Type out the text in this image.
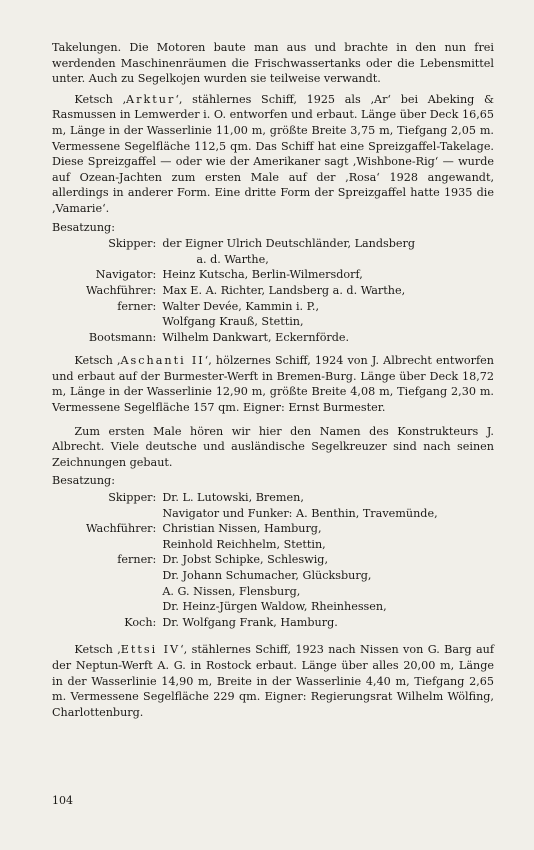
Takelungen. Die Motoren baute man aus und brachte in den nun frei werdenden Maschinenräumen die Frischwassertanks oder die Lebensmittel unter. Auch zu Segelkojen wurden sie teilweise verwandt.

Ketsch ‚Arktur‘, stählernes Schiff, 1925 als ‚Ar‘ bei Abeking & Rasmussen in Lemwerder i. O. entworfen und erbaut. Länge über Deck 16,65 m, Länge in der Wasserlinie 11,00 m, größte Breite 3,75 m, Tiefgang 2,05 m. Vermessene Segelfläche 112,5 qm. Das Schiff hat eine Spreizgaffel-Takelage. Diese Spreizgaffel — oder wie der Amerikaner sagt ‚Wishbone-Rig‘ — wurde auf Ozean-Jachten zum ersten Male auf der ‚Rosa‘ 1928 angewandt, allerdings in anderer Form. Eine dritte Form der Spreizgaffel hatte 1935 die ‚Vamarie‘.

Besatzung:

Skipper:	der Eigner Ulrich Deutschländer, Landsberg
	a. d. Warthe,
Navigator:	Heinz Kutscha, Berlin-Wilmersdorf,
Wachführer:	Max E. A. Richter, Landsberg a. d. Warthe,
ferner:	Walter Devée, Kammin i. P.,
	Wolfgang Krauß, Stettin,
Bootsmann:	Wilhelm Dankwart, Eckernförde.

Ketsch ‚Aschanti II‘, hölzernes Schiff, 1924 von J. Albrecht entworfen und erbaut auf der Burmester-Werft in Bremen-Burg. Länge über Deck 18,72 m, Länge in der Wasserlinie 12,90 m, größte Breite 4,08 m, Tiefgang 2,30 m. Vermessene Segelfläche 157 qm. Eigner: Ernst Burmester.

Zum ersten Male hören wir hier den Namen des Konstrukteurs J. Albrecht. Viele deutsche und ausländische Segelkreuzer sind nach seinen Zeichnungen gebaut.

Besatzung:

Skipper:	Dr. L. Lutowski, Bremen,
	Navigator und Funker: A. Benthin, Travemünde,
Wachführer:	Christian Nissen, Hamburg,
	Reinhold Reichhelm, Stettin,
ferner:	Dr. Jobst Schipke, Schleswig,
	Dr. Johann Schumacher, Glücksburg,
	A. G. Nissen, Flensburg,
	Dr. Heinz-Jürgen Waldow, Rheinhessen,
Koch:	Dr. Wolfgang Frank, Hamburg.

Ketsch ‚Ettsi IV‘, stählernes Schiff, 1923 nach Nissen von G. Barg auf der Neptun-Werft A. G. in Rostock erbaut. Länge über alles 20,00 m, Länge in der Wasserlinie 14,90 m, Breite in der Wasserlinie 4,40 m, Tiefgang 2,65 m. Vermessene Segelfläche 229 qm. Eigner: Regierungsrat Wilhelm Wölfing, Charlottenburg.

104
